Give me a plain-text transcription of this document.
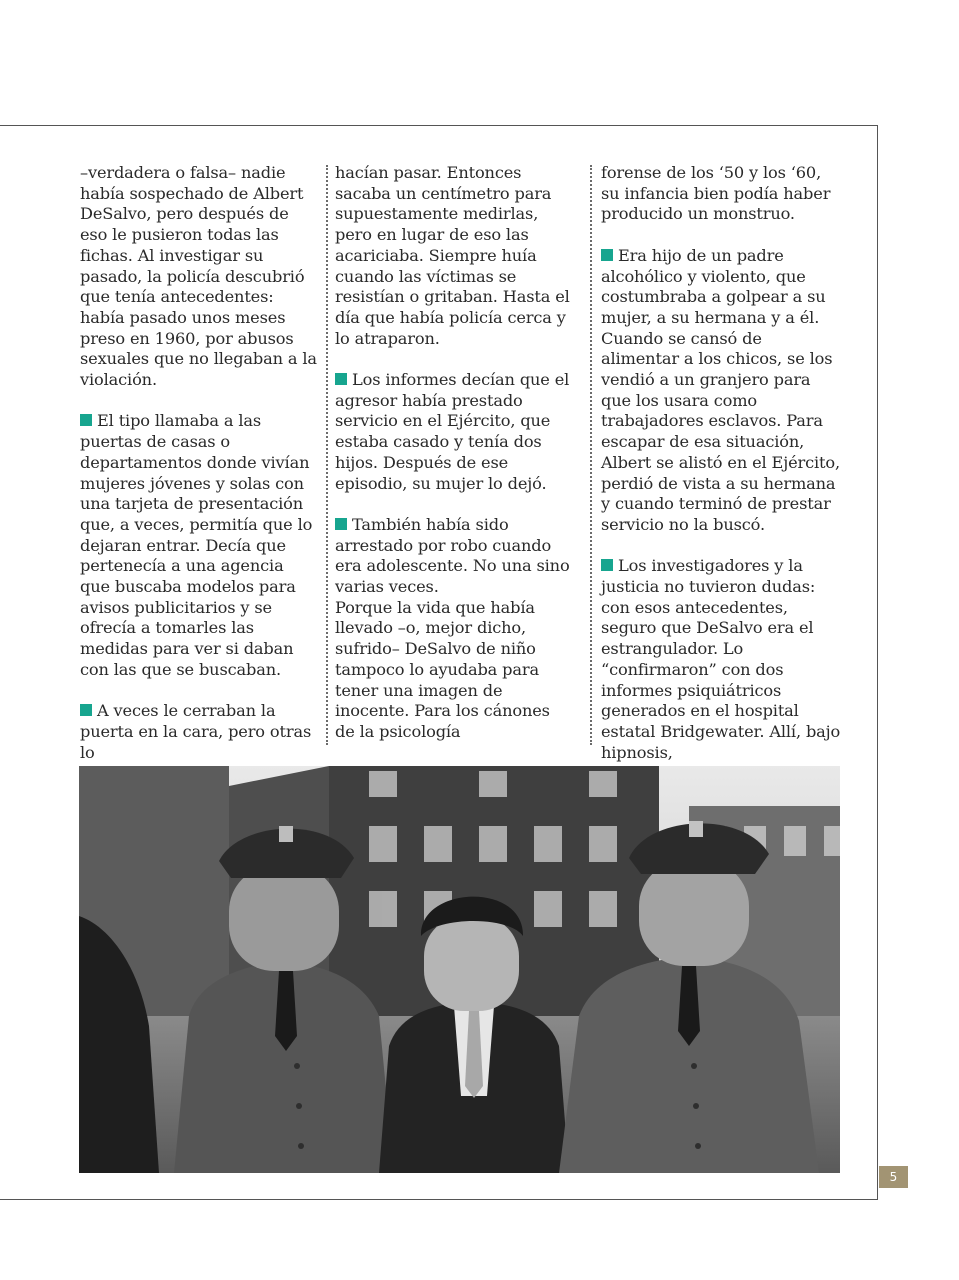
–verdadera o falsa– nadie había sospechado de Albert DeSalvo, pero después de eso le pusieron todas las fichas. Al investigar su pasado, la policía descubrió que tenía antecedentes: había pasado unos meses preso en 1960, por abusos sexuales que no llegaban a la violación.

El tipo llamaba a las puertas de casas o departamentos donde vivían mujeres jóvenes y solas con una tarjeta de presentación que, a veces, permitía que lo dejaran entrar. Decía que pertenecía a una agencia que buscaba modelos para avisos publicitarios y se ofrecía a tomarles las medidas para ver si daban con las que se buscaban.

A veces le cerraban la puerta en la cara, pero otras lo

hacían pasar. Entonces sacaba un centímetro para supuestamente medirlas, pero en lugar de eso las acariciaba. Siempre huía cuando las víctimas se resistían o gritaban. Hasta el día que había policía cerca y lo atraparon.

Los informes decían que el agresor había prestado servicio en el Ejército, que estaba casado y tenía dos hijos. Después de ese episodio, su mujer lo dejó.

También había sido arrestado por robo cuando era adolescente. No una sino varias veces.

Porque la vida que había llevado –o, mejor dicho, sufrido– DeSalvo de niño tampoco lo ayudaba para tener una imagen de inocente. Para los cánones de la psicología

forense de los ‘50 y los ‘60, su infancia bien podía haber producido un monstruo.

Era hijo de un padre alcohólico y violento, que costumbraba a golpear a su mujer, a su hermana y a él. Cuando se cansó de alimentar a los chicos, se los vendió a un granjero para que los usara como trabajadores esclavos. Para escapar de esa situación, Albert se alistó en el Ejército, perdió de vista a su hermana y cuando terminó de prestar servicio no la buscó.

Los investigadores y la justicia no tuvieron dudas: con esos antecedentes, seguro que DeSalvo era el estrangulador. Lo “confirmaron” con dos informes psiquiátricos generados en el hospital estatal Bridgewater. Allí, bajo hipnosis,

5
